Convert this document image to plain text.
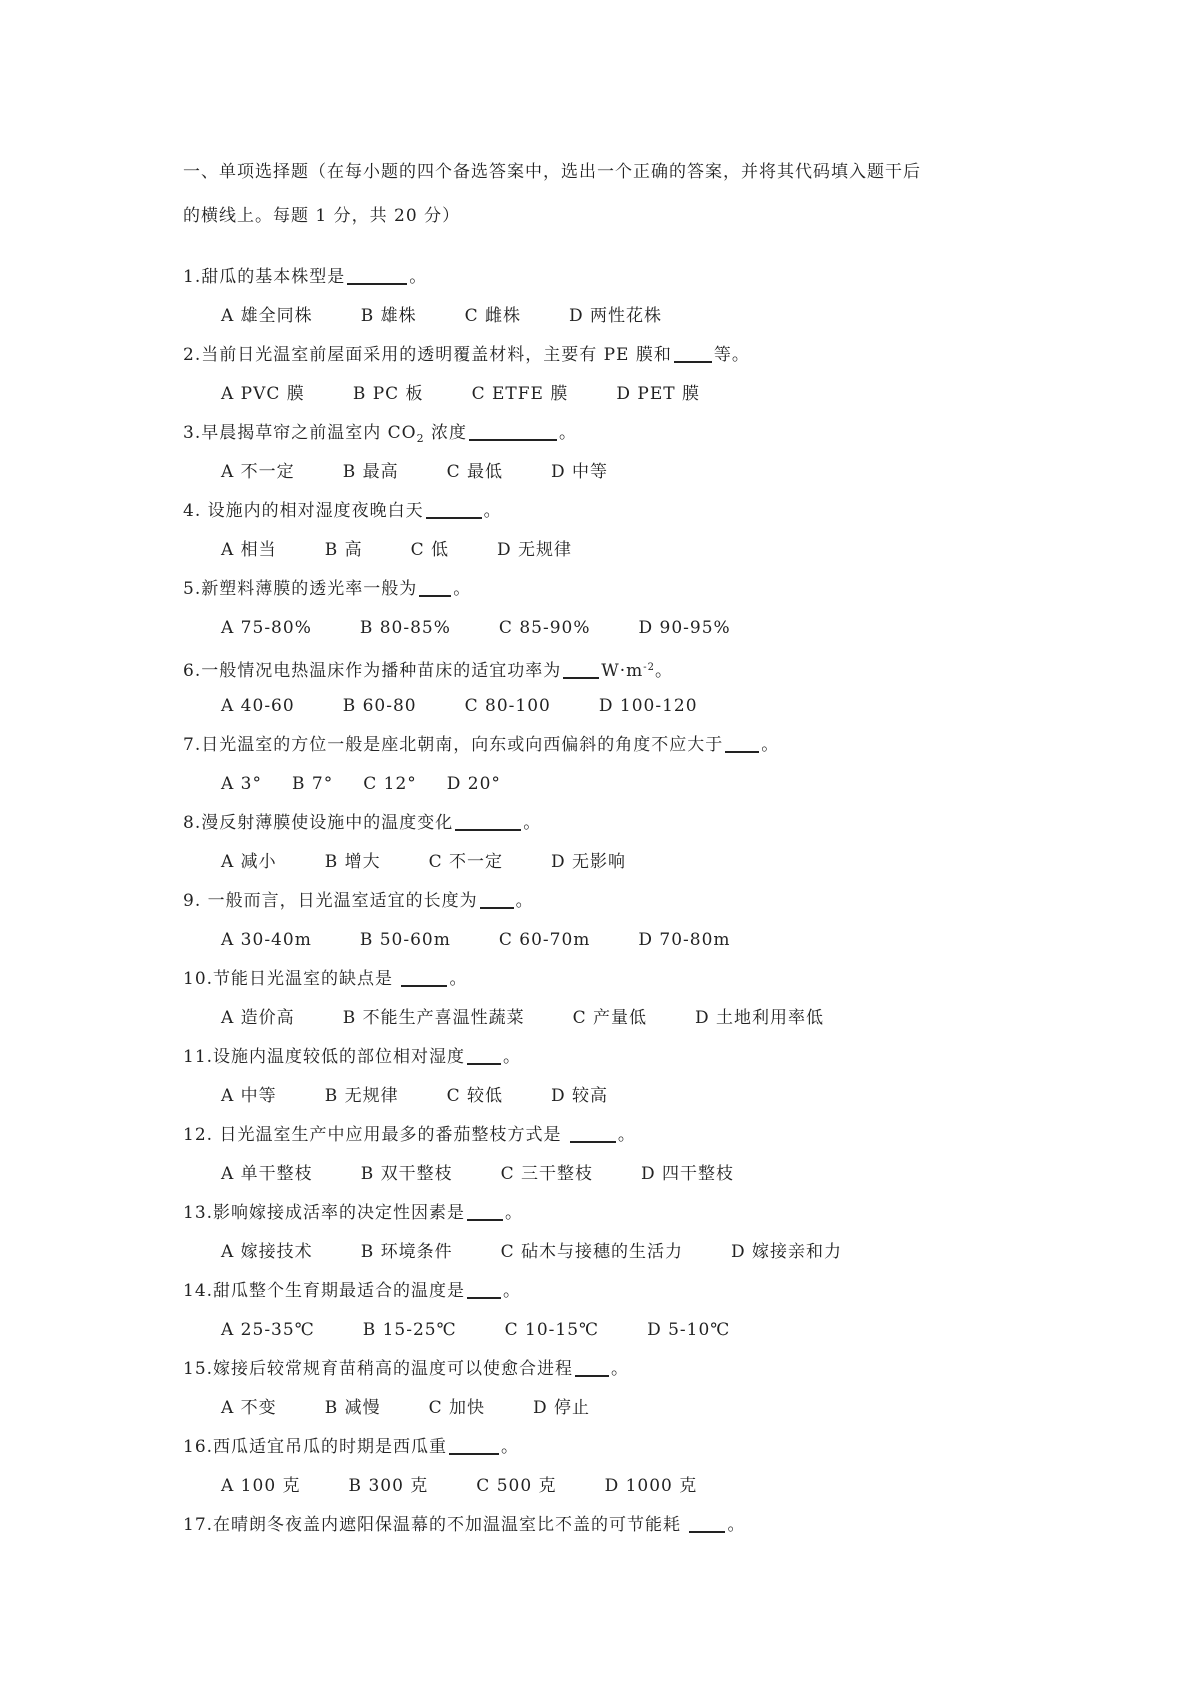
一、单项选择题（在每小题的四个备选答案中，选出一个正确的答案，并将其代码填入题干后
的横线上。每题 1 分，共 20 分）
1.甜瓜的基本株型是	。
A 雄全同株	B 雄株	C 雌株	D 两性花株
2.当前日光温室前屋面采用的透明覆盖材料，主要有 PE 膜和 等。
A PVC 膜	B PC 板	C ETFE 膜	D PET 膜
3.早晨揭草帘之前温室内 $CO_2$ 浓度	。
A 不一定	B 最高	C 最低	D 中等
4. 设施内的相对湿度夜晚白天	。
A 相当	B 高	C 低	D 无规律
5.新塑料薄膜的透光率一般为 。
A 75-80%	B 80-85%	C 85-90%	D 90-95%
6.一般情况电热温床作为播种苗床的适宜功率为 $W\cdot m^{-2}$。
A 40-60	B 60-80	C 80-100	D 100-120
7.日光温室的方位一般是座北朝南，向东或向西偏斜的角度不应大于 。
A 3° B 7° C 12° D 20°
8.漫反射薄膜使设施中的温度变化	。
A 减小	B 增大	C 不一定	D 无影响
9. 一般而言，日光温室适宜的长度为 。
A 30-40m	B 50-60m	C 60-70m	D 70-80m
10.节能日光温室的缺点是	。
A 造价高	B 不能生产喜温性蔬菜	C 产量低	D 土地利用率低
11.设施内温度较低的部位相对湿度 。
A 中等	B 无规律	C 较低	D 较高
12. 日光温室生产中应用最多的番茄整枝方式是	。
A 单干整枝	B 双干整枝	C 三干整枝	D 四干整枝
13.影响嫁接成活率的决定性因素是 。
A 嫁接技术	B 环境条件	C 砧木与接穗的生活力	D 嫁接亲和力
14.甜瓜整个生育期最适合的温度是 。
A 25-35℃	B 15-25℃	C 10-15℃	D 5-10℃
15.嫁接后较常规育苗稍高的温度可以使愈合进程 。
A 不变	B 减慢	C 加快	D 停止
16.西瓜适宜吊瓜的时期是西瓜重	。
A 100 克	B 300 克	C 500 克	D 1000 克
17.在晴朗冬夜盖内遮阳保温幕的不加温温室比不盖的可节能耗 。
